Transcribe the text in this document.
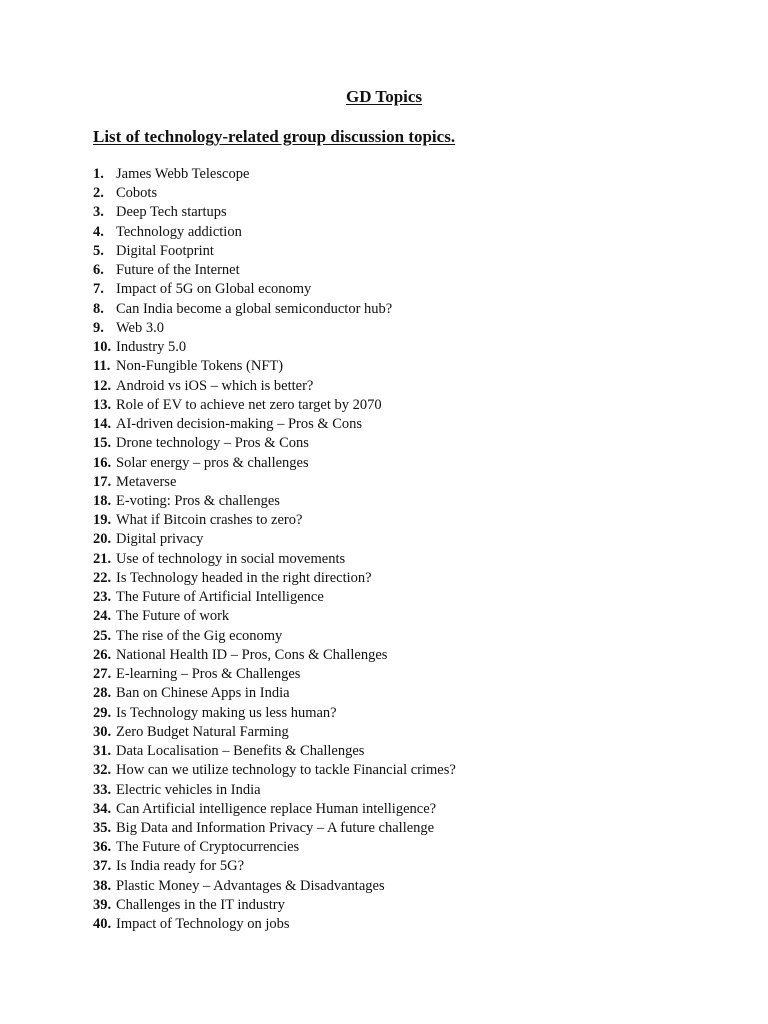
GD Topics
List of technology-related group discussion topics.
1. James Webb Telescope
2. Cobots
3. Deep Tech startups
4. Technology addiction
5. Digital Footprint
6. Future of the Internet
7. Impact of 5G on Global economy
8. Can India become a global semiconductor hub?
9. Web 3.0
10. Industry 5.0
11. Non-Fungible Tokens (NFT)
12. Android vs iOS – which is better?
13. Role of EV to achieve net zero target by 2070
14. AI-driven decision-making – Pros & Cons
15. Drone technology – Pros & Cons
16. Solar energy – pros & challenges
17. Metaverse
18. E-voting: Pros & challenges
19. What if Bitcoin crashes to zero?
20. Digital privacy
21. Use of technology in social movements
22. Is Technology headed in the right direction?
23. The Future of Artificial Intelligence
24. The Future of work
25. The rise of the Gig economy
26. National Health ID – Pros, Cons & Challenges
27. E-learning – Pros & Challenges
28. Ban on Chinese Apps in India
29. Is Technology making us less human?
30. Zero Budget Natural Farming
31. Data Localisation – Benefits & Challenges
32. How can we utilize technology to tackle Financial crimes?
33. Electric vehicles in India
34. Can Artificial intelligence replace Human intelligence?
35. Big Data and Information Privacy – A future challenge
36. The Future of Cryptocurrencies
37. Is India ready for 5G?
38. Plastic Money – Advantages & Disadvantages
39. Challenges in the IT industry
40. Impact of Technology on jobs
